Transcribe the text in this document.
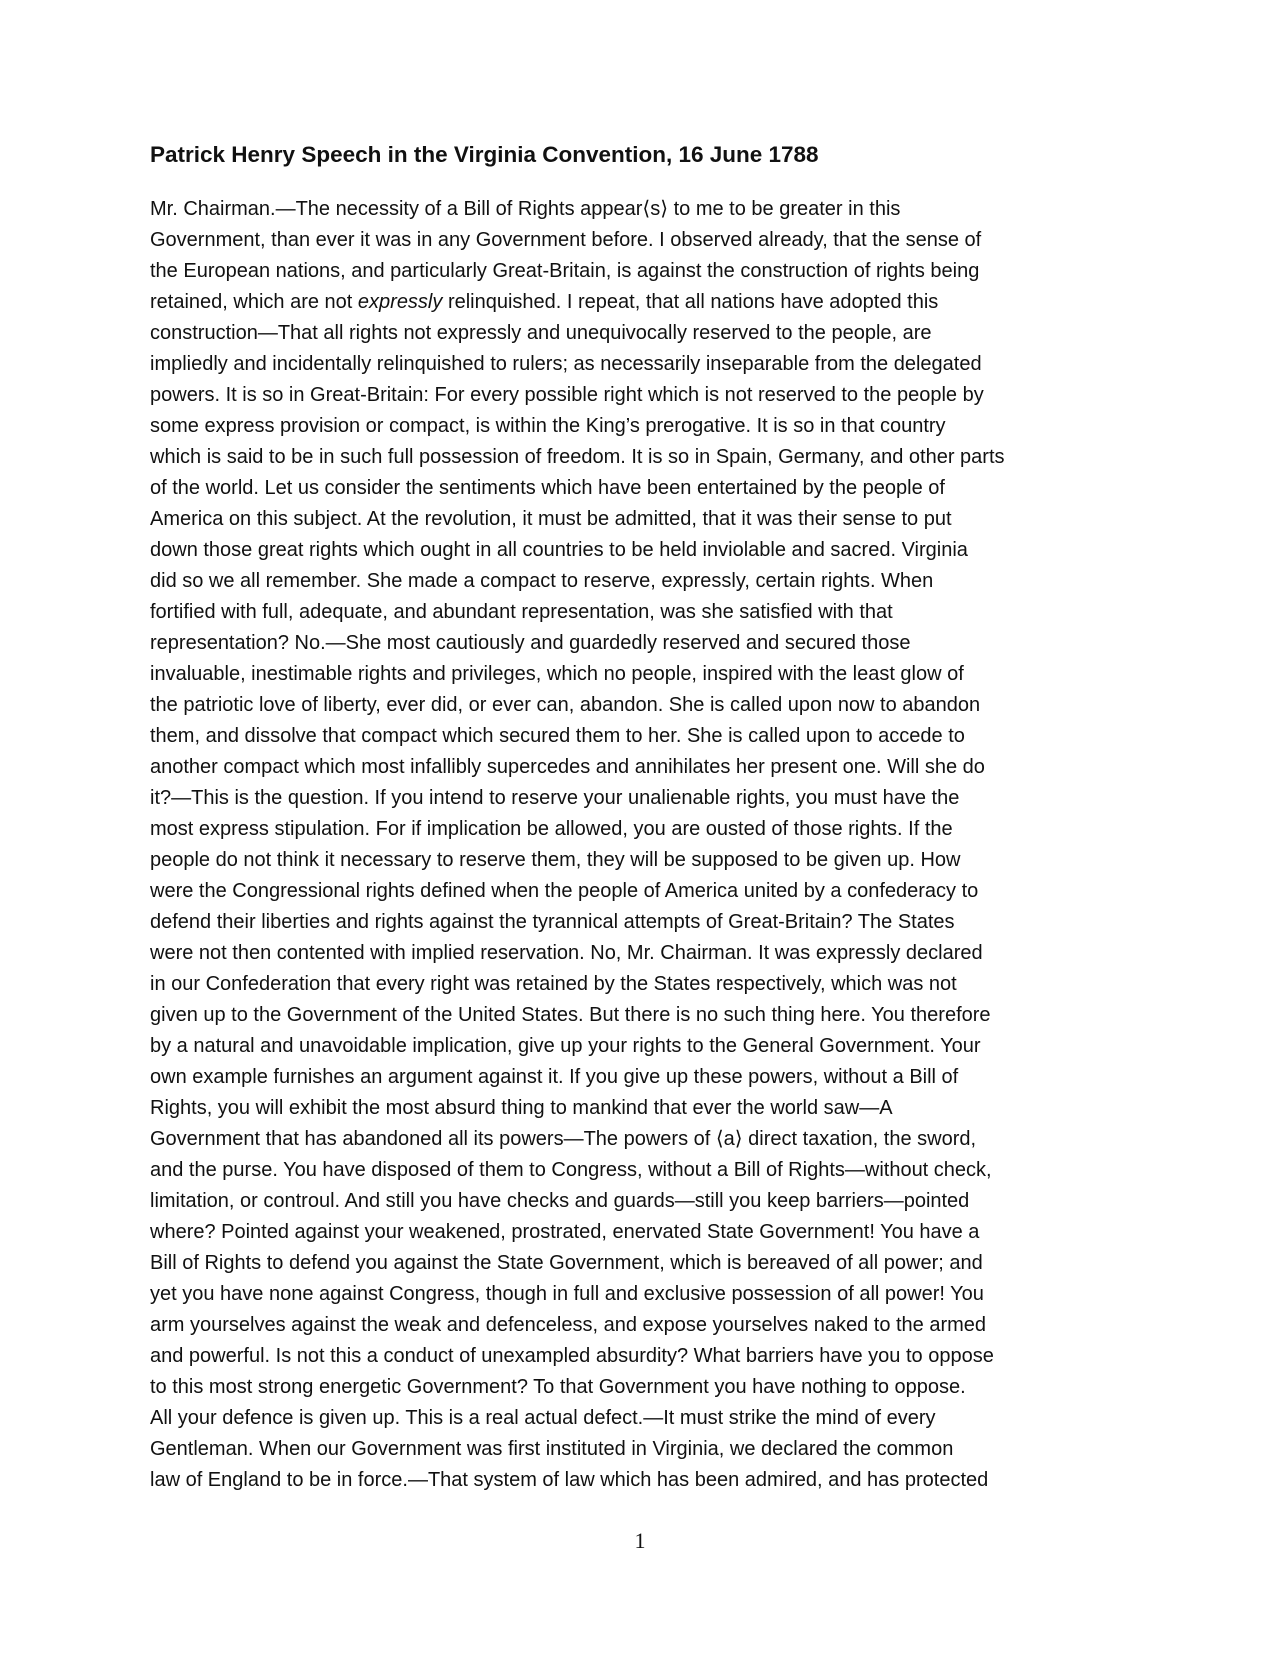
Patrick Henry Speech in the Virginia Convention, 16 June 1788
Mr. Chairman.—The necessity of a Bill of Rights appear⟨s⟩ to me to be greater in this
Government, than ever it was in any Government before. I observed already, that the sense of
the European nations, and particularly Great-Britain, is against the construction of rights being
retained, which are not expressly relinquished. I repeat, that all nations have adopted this
construction—That all rights not expressly and unequivocally reserved to the people, are
impliedly and incidentally relinquished to rulers; as necessarily inseparable from the delegated
powers. It is so in Great-Britain: For every possible right which is not reserved to the people by
some express provision or compact, is within the King’s prerogative. It is so in that country
which is said to be in such full possession of freedom. It is so in Spain, Germany, and other parts
of the world. Let us consider the sentiments which have been entertained by the people of
America on this subject. At the revolution, it must be admitted, that it was their sense to put
down those great rights which ought in all countries to be held inviolable and sacred. Virginia
did so we all remember. She made a compact to reserve, expressly, certain rights. When
fortified with full, adequate, and abundant representation, was she satisfied with that
representation? No.—She most cautiously and guardedly reserved and secured those
invaluable, inestimable rights and privileges, which no people, inspired with the least glow of
the patriotic love of liberty, ever did, or ever can, abandon. She is called upon now to abandon
them, and dissolve that compact which secured them to her. She is called upon to accede to
another compact which most infallibly supercedes and annihilates her present one. Will she do
it?—This is the question. If you intend to reserve your unalienable rights, you must have the
most express stipulation. For if implication be allowed, you are ousted of those rights. If the
people do not think it necessary to reserve them, they will be supposed to be given up. How
were the Congressional rights defined when the people of America united by a confederacy to
defend their liberties and rights against the tyrannical attempts of Great-Britain? The States
were not then contented with implied reservation. No, Mr. Chairman. It was expressly declared
in our Confederation that every right was retained by the States respectively, which was not
given up to the Government of the United States. But there is no such thing here. You therefore
by a natural and unavoidable implication, give up your rights to the General Government. Your
own example furnishes an argument against it. If you give up these powers, without a Bill of
Rights, you will exhibit the most absurd thing to mankind that ever the world saw—A
Government that has abandoned all its powers—The powers of ⟨a⟩ direct taxation, the sword,
and the purse. You have disposed of them to Congress, without a Bill of Rights—without check,
limitation, or controul. And still you have checks and guards—still you keep barriers—pointed
where? Pointed against your weakened, prostrated, enervated State Government! You have a
Bill of Rights to defend you against the State Government, which is bereaved of all power; and
yet you have none against Congress, though in full and exclusive possession of all power! You
arm yourselves against the weak and defenceless, and expose yourselves naked to the armed
and powerful. Is not this a conduct of unexampled absurdity? What barriers have you to oppose
to this most strong energetic Government? To that Government you have nothing to oppose.
All your defence is given up. This is a real actual defect.—It must strike the mind of every
Gentleman. When our Government was first instituted in Virginia, we declared the common
law of England to be in force.—That system of law which has been admired, and has protected
1
